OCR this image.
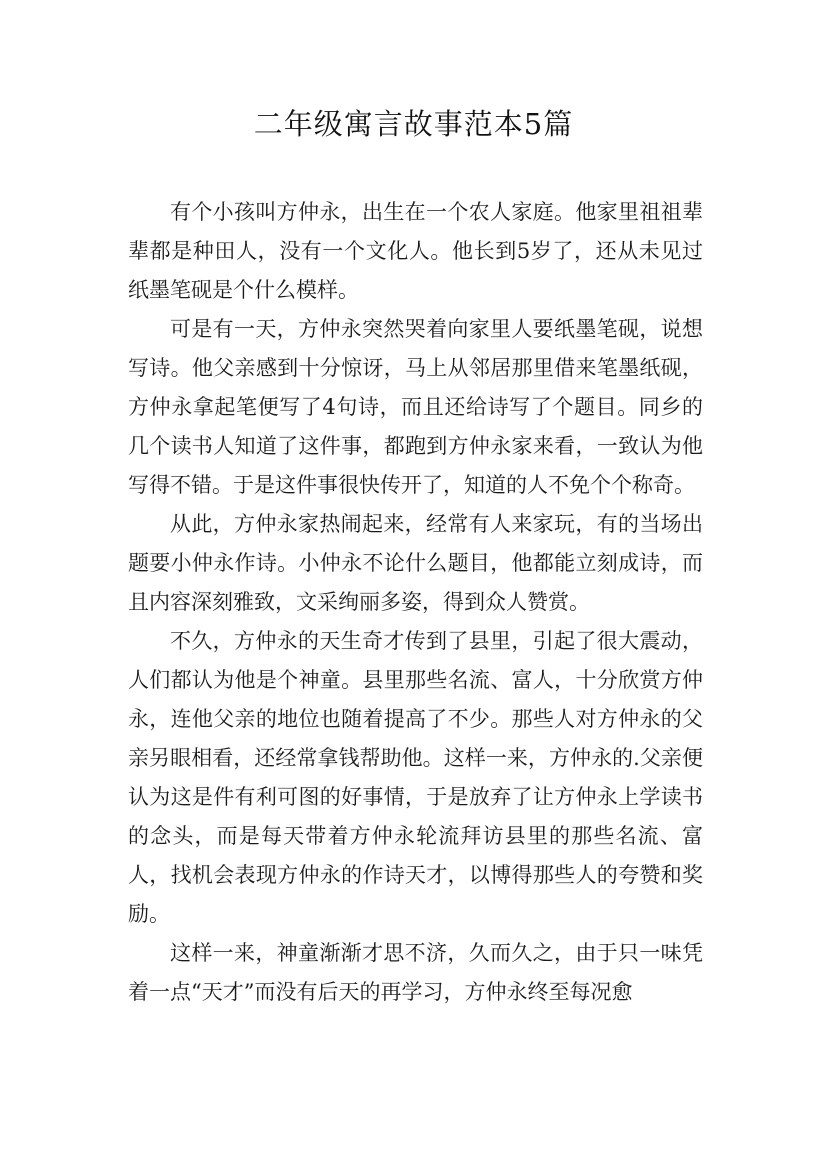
二年级寓言故事范本5篇

有个小孩叫方仲永，出生在一个农人家庭。他家里祖祖辈辈都是种田人，没有一个文化人。他长到5岁了，还从未见过纸墨笔砚是个什么模样。

可是有一天，方仲永突然哭着向家里人要纸墨笔砚，说想写诗。他父亲感到十分惊讶，马上从邻居那里借来笔墨纸砚，方仲永拿起笔便写了4句诗，而且还给诗写了个题目。同乡的几个读书人知道了这件事，都跑到方仲永家来看，一致认为他写得不错。于是这件事很快传开了，知道的人不免个个称奇。

从此，方仲永家热闹起来，经常有人来家玩，有的当场出题要小仲永作诗。小仲永不论什么题目，他都能立刻成诗，而且内容深刻雅致，文采绚丽多姿，得到众人赞赏。

不久，方仲永的天生奇才传到了县里，引起了很大震动，人们都认为他是个神童。县里那些名流、富人，十分欣赏方仲永，连他父亲的地位也随着提高了不少。那些人对方仲永的父亲另眼相看，还经常拿钱帮助他。这样一来，方仲永的.父亲便认为这是件有利可图的好事情，于是放弃了让方仲永上学读书的念头，而是每天带着方仲永轮流拜访县里的那些名流、富人，找机会表现方仲永的作诗天才，以博得那些人的夸赞和奖励。

这样一来，神童渐渐才思不济，久而久之，由于只一味凭着一点“天才”而没有后天的再学习，方仲永终至每况愈
